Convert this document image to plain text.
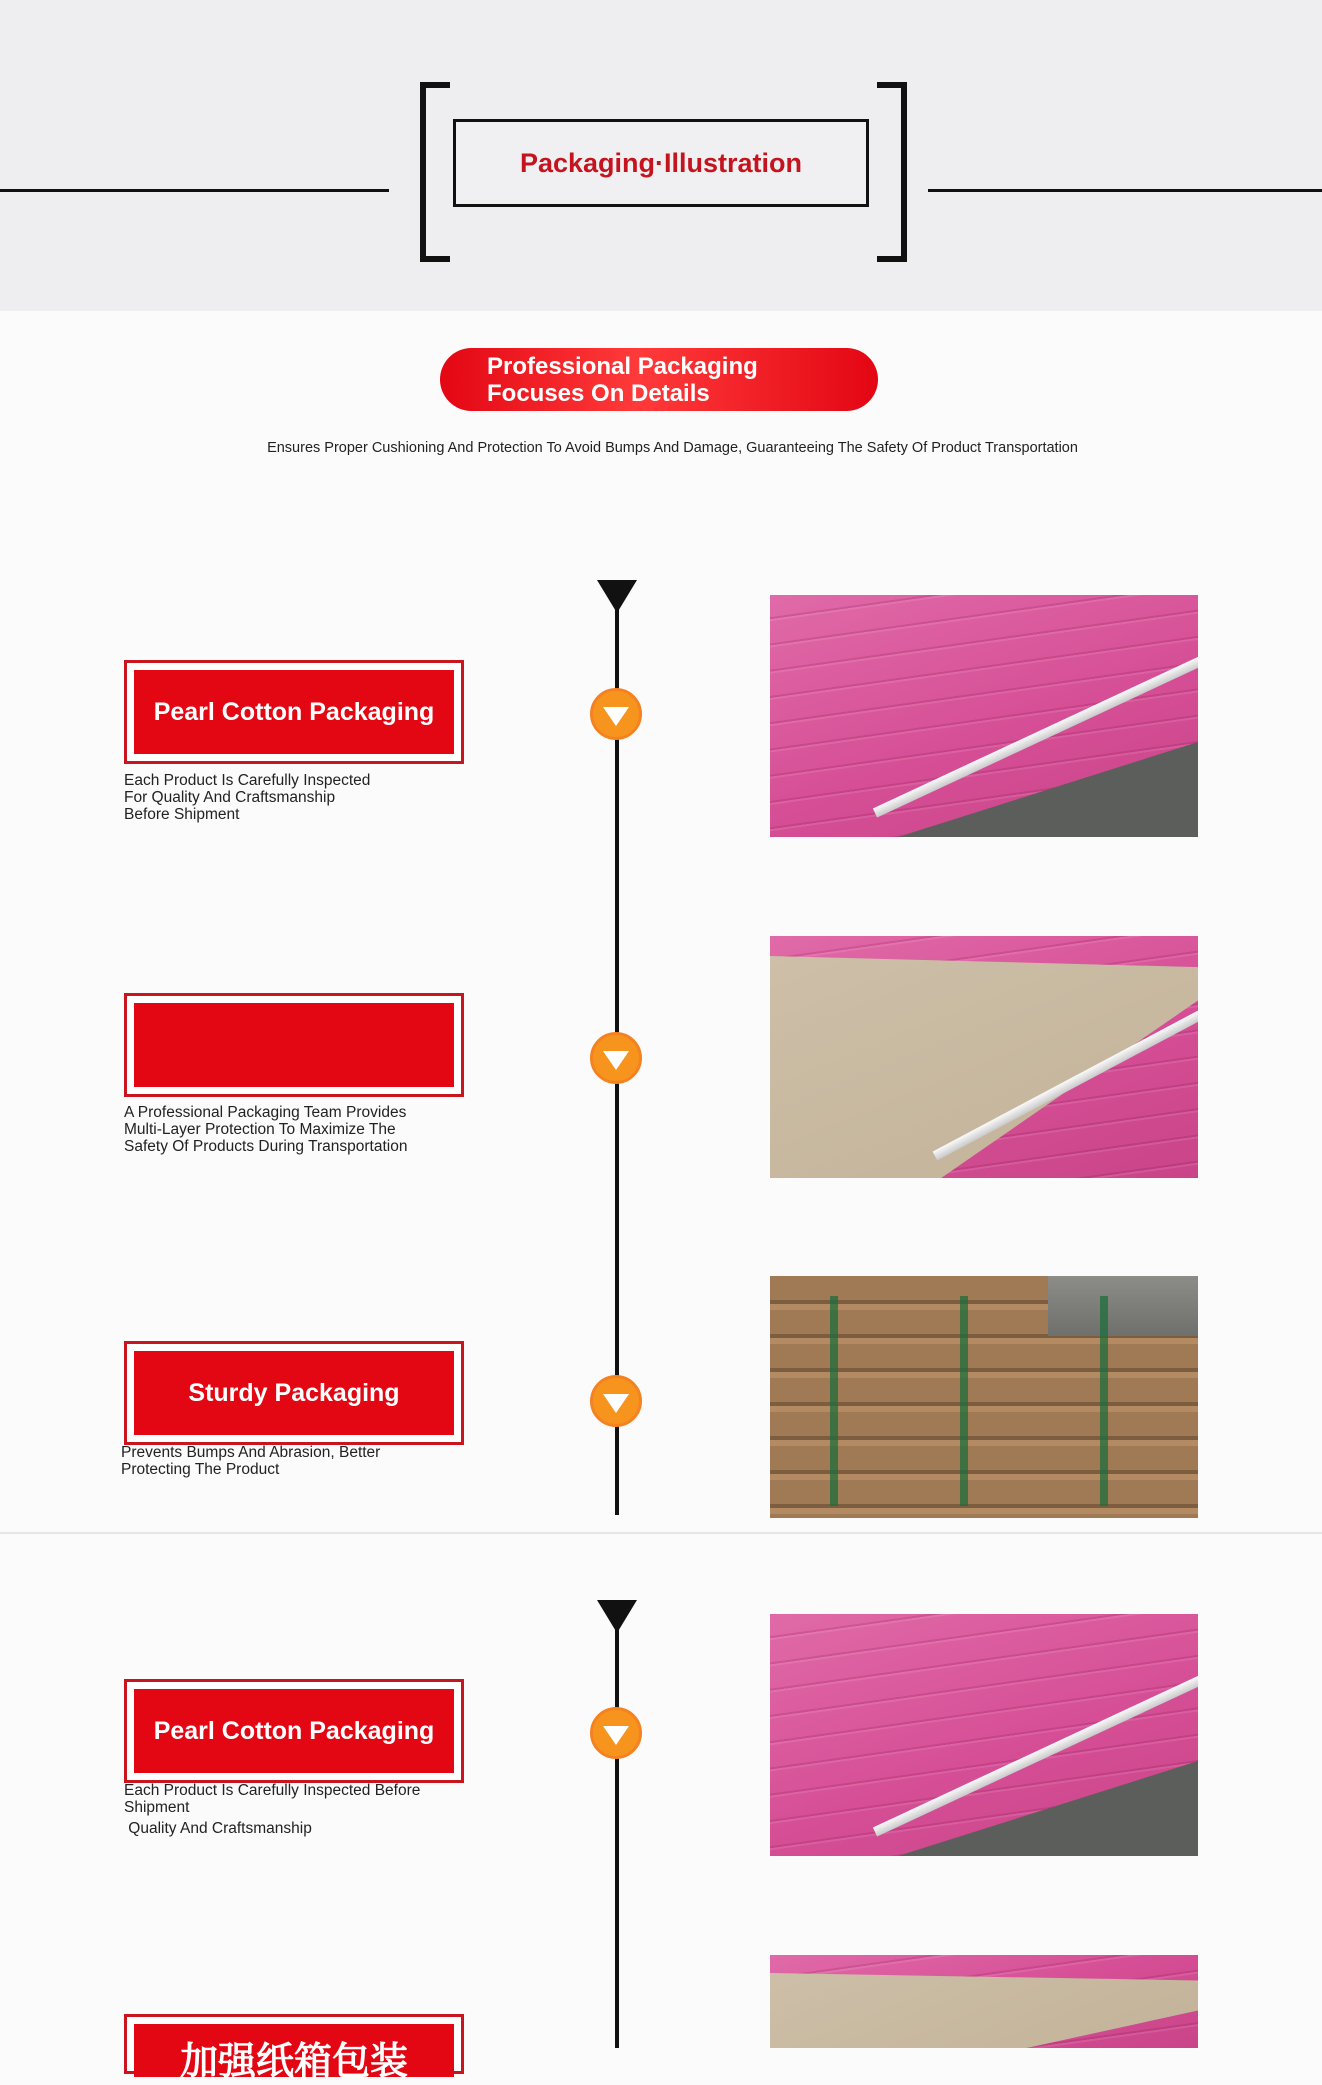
Packaging·Illustration
Professional Packaging
Focuses On Details
Ensures Proper Cushioning And Protection To Avoid Bumps And Damage, Guaranteeing The Safety Of Product Transportation
Pearl Cotton Packaging
Each Product Is Carefully Inspected
For Quality And Craftsmanship
Before Shipment
A Professional Packaging Team Provides
Multi-Layer Protection To Maximize The
Safety Of Products During Transportation
Sturdy Packaging
Prevents Bumps And Abrasion, Better
Protecting The Product
Pearl Cotton Packaging
Each Product Is Carefully Inspected Before
Shipment
Quality And Craftsmanship
加强纸箱包装
